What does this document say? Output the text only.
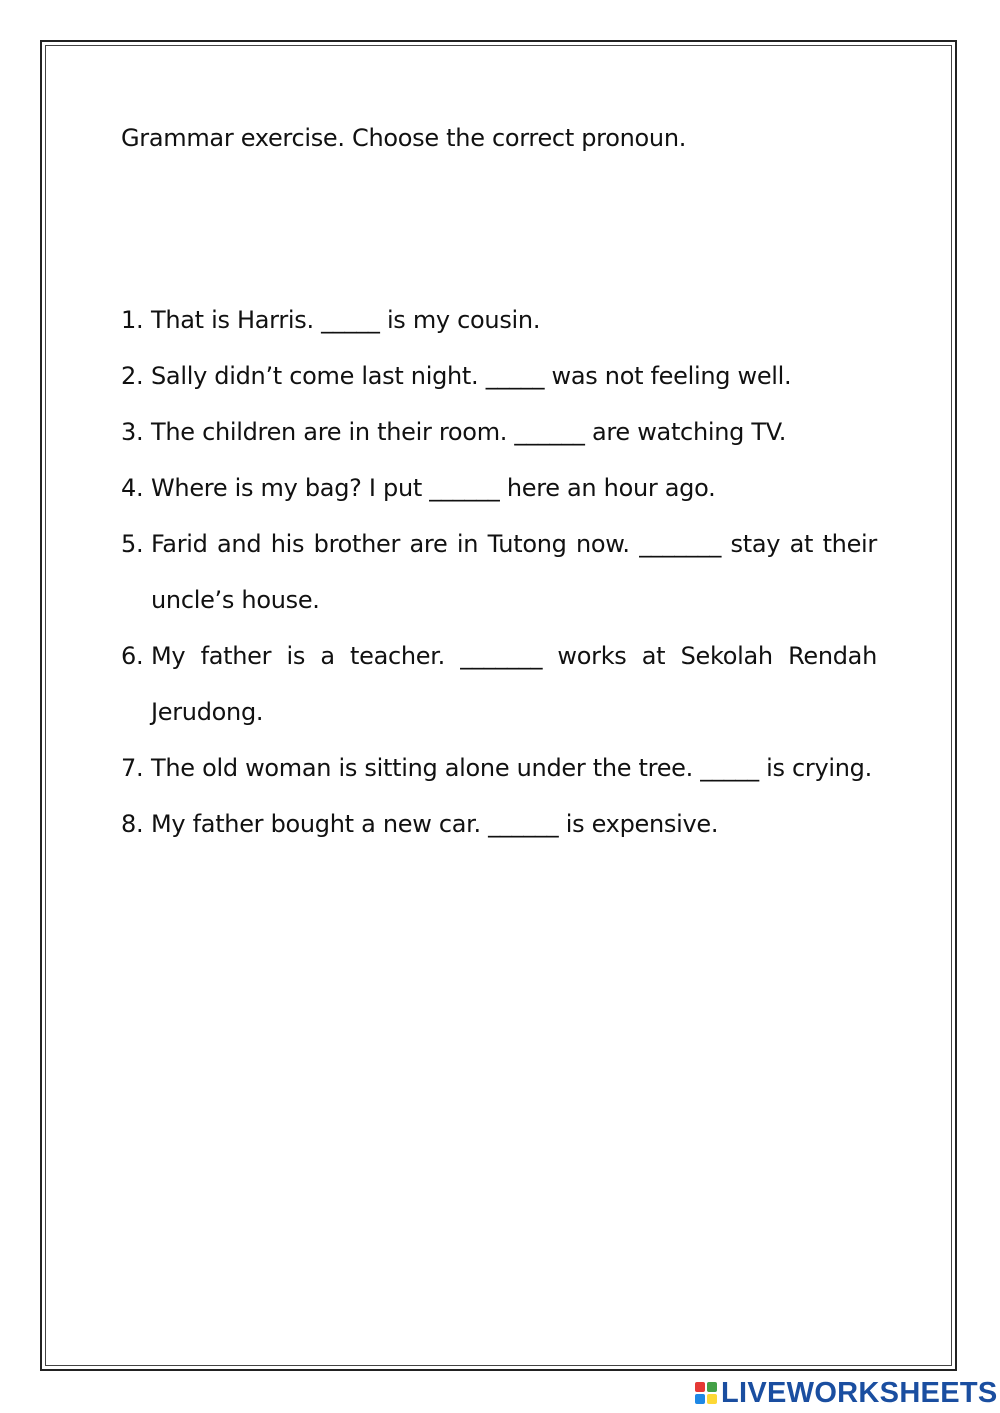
Grammar exercise. Choose the correct pronoun.
1. That is Harris. _____ is my cousin.
2. Sally didn’t come last night. _____ was not feeling well.
3. The children are in their room. ______ are watching TV.
4. Where is my bag? I put ______ here an hour ago.
5. Farid and his brother are in Tutong now. _______ stay at their uncle’s house.
6. My father is a teacher. _______ works at Sekolah Rendah Jerudong.
7. The old woman is sitting alone under the tree. _____ is crying.
8. My father bought a new car. ______ is expensive.
LIVEWORKSHEETS
